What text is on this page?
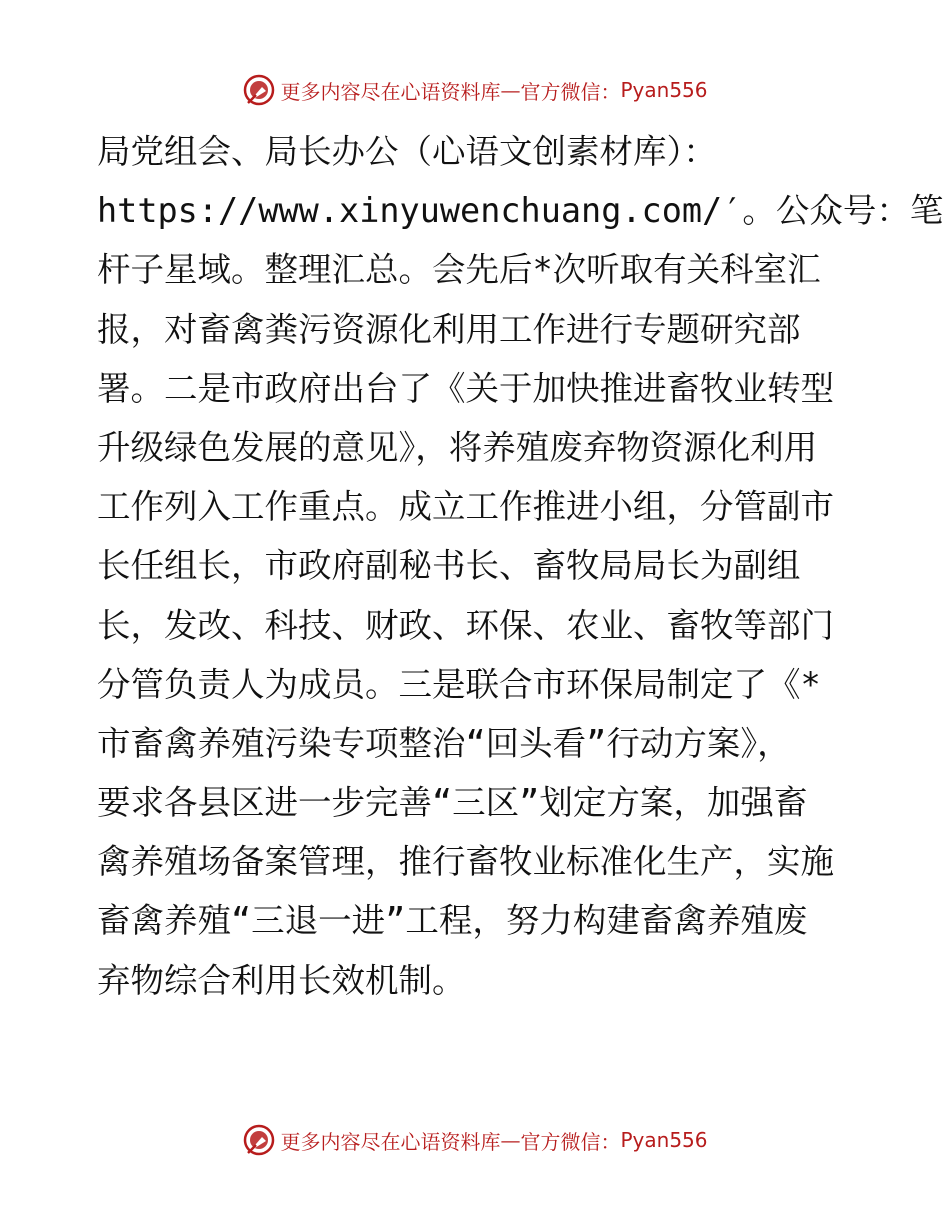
更多内容尽在心语资料库 — 官方微信： Pyan556
局党组会、局长办公（心语文创素材库）：
https://www.xinyuwenchuang.com/′。公众号：笔
杆子星域。整理汇总。会先后*次听取有关科室汇
报，对畜禽粪污资源化利用工作进行专题研究部
署。二是市政府出台了《关于加快推进畜牧业转型
升级绿色发展的意见》，将养殖废弃物资源化利用
工作列入工作重点。成立工作推进小组，分管副市
长任组长，市政府副秘书长、畜牧局局长为副组
长，发改、科技、财政、环保、农业、畜牧等部门
分管负责人为成员。三是联合市环保局制定了《*
市畜禽养殖污染专项整治“回头看”行动方案》，
要求各县区进一步完善“三区”划定方案，加强畜
禽养殖场备案管理，推行畜牧业标准化生产，实施
畜禽养殖“三退一进”工程，努力构建畜禽养殖废
弃物综合利用长效机制。
更多内容尽在心语资料库 — 官方微信： Pyan556
